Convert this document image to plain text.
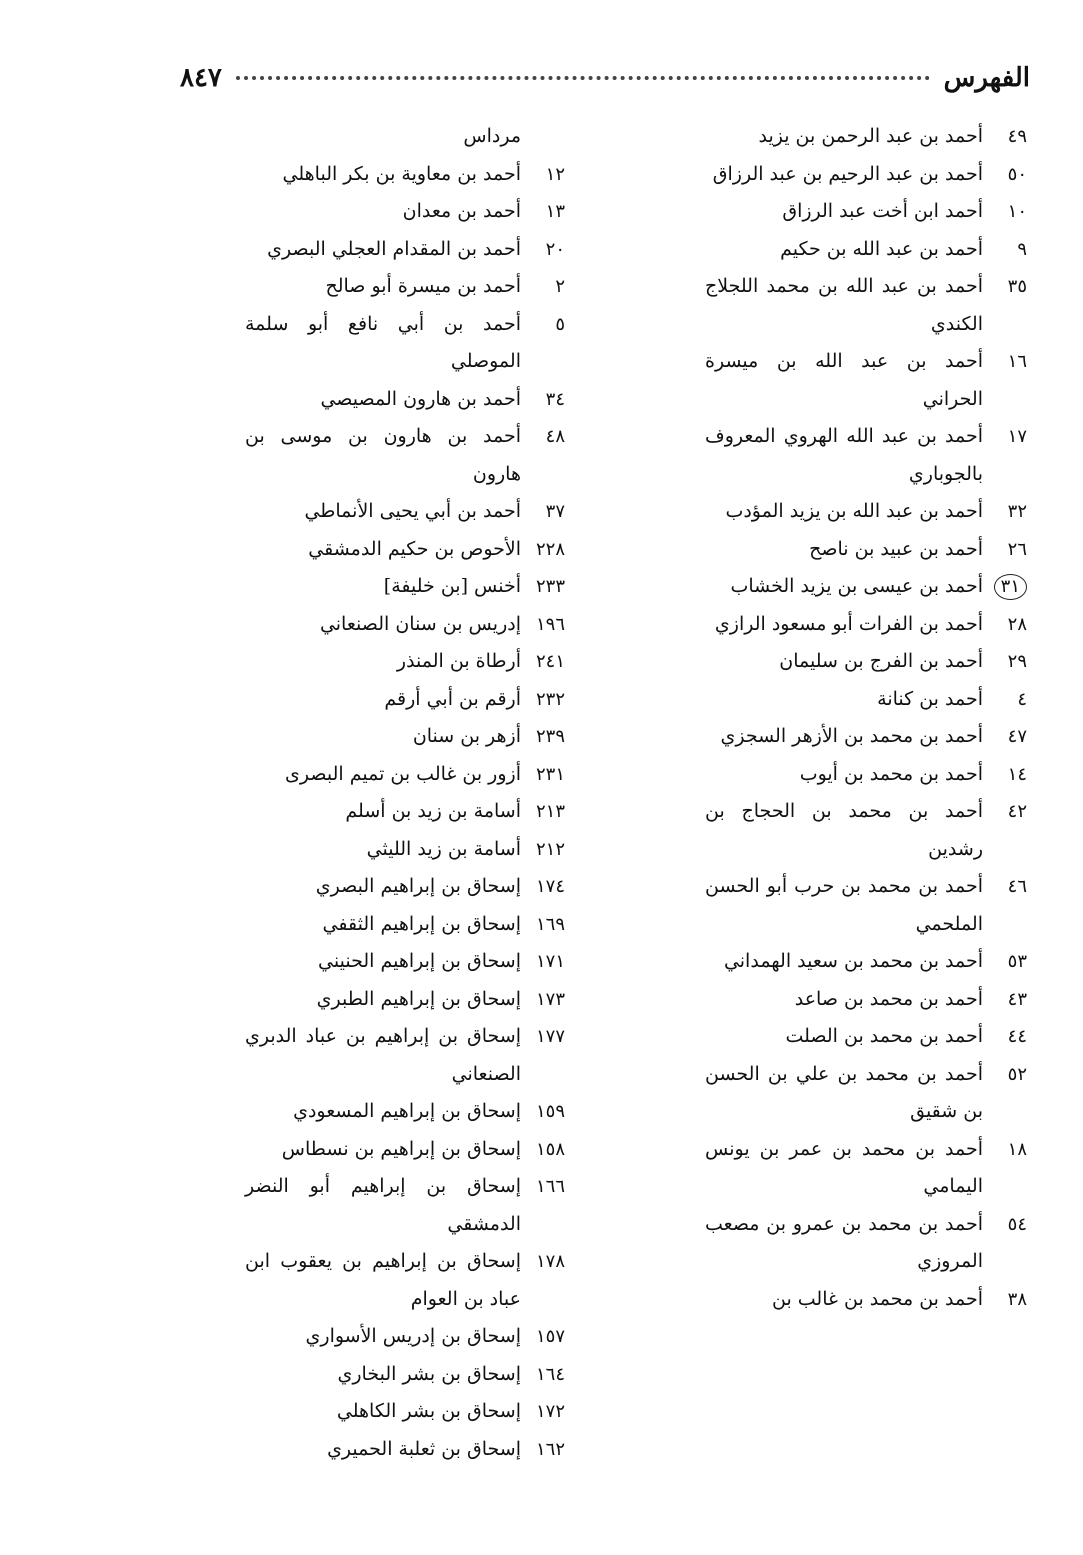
الفهرس
٨٤٧
٤٩
أحمد بن عبد الرحمن بن يزيد
٥٠
أحمد بن عبد الرحيم بن عبد الرزاق
١٠
أحمد ابن أخت عبد الرزاق
٩
أحمد بن عبد الله بن حكيم
٣٥
أحمد بن عبد الله بن محمد اللجلاج الكندي
١٦
أحمد بن عبد الله بن ميسرة الحراني
١٧
أحمد بن عبد الله الهروي المعروف بالجوباري
٣٢
أحمد بن عبد الله بن يزيد المؤدب
٢٦
أحمد بن عبيد بن ناصح
٣١
أحمد بن عيسى بن يزيد الخشاب
٢٨
أحمد بن الفرات أبو مسعود الرازي
٢٩
أحمد بن الفرج بن سليمان
٤
أحمد بن كنانة
٤٧
أحمد بن محمد بن الأزهر السجزي
١٤
أحمد بن محمد بن أيوب
٤٢
أحمد بن محمد بن الحجاج بن رشدين
٤٦
أحمد بن محمد بن حرب أبو الحسن الملحمي
٥٣
أحمد بن محمد بن سعيد الهمداني
٤٣
أحمد بن محمد بن صاعد
٤٤
أحمد بن محمد بن الصلت
٥٢
أحمد بن محمد بن علي بن الحسن بن شقيق
١٨
أحمد بن محمد بن عمر بن يونس اليمامي
٥٤
أحمد بن محمد بن عمرو بن مصعب المروزي
٣٨
أحمد بن محمد بن غالب بن
مرداس
١٢
أحمد بن معاوية بن بكر الباهلي
١٣
أحمد بن معدان
٢٠
أحمد بن المقدام العجلي البصري
٢
أحمد بن ميسرة أبو صالح
٥
أحمد بن أبي نافع أبو سلمة الموصلي
٣٤
أحمد بن هارون المصيصي
٤٨
أحمد بن هارون بن موسى بن هارون
٣٧
أحمد بن أبي يحيى الأنماطي
٢٢٨
الأحوص بن حكيم الدمشقي
٢٣٣
أخنس [بن خليفة]
١٩٦
إدريس بن سنان الصنعاني
٢٤١
أرطاة بن المنذر
٢٣٢
أرقم بن أبي أرقم
٢٣٩
أزهر بن سنان
٢٣١
أزور بن غالب بن تميم البصرى
٢١٣
أسامة بن زيد بن أسلم
٢١٢
أسامة بن زيد الليثي
١٧٤
إسحاق بن إبراهيم البصري
١٦٩
إسحاق بن إبراهيم الثقفي
١٧١
إسحاق بن إبراهيم الحنيني
١٧٣
إسحاق بن إبراهيم الطبري
١٧٧
إسحاق بن إبراهيم بن عباد الدبري الصنعاني
١٥٩
إسحاق بن إبراهيم المسعودي
١٥٨
إسحاق بن إبراهيم بن نسطاس
١٦٦
إسحاق بن إبراهيم أبو النضر الدمشقي
١٧٨
إسحاق بن إبراهيم بن يعقوب ابن عباد بن العوام
١٥٧
إسحاق بن إدريس الأسواري
١٦٤
إسحاق بن بشر البخاري
١٧٢
إسحاق بن بشر الكاهلي
١٦٢
إسحاق بن ثعلبة الحميري
